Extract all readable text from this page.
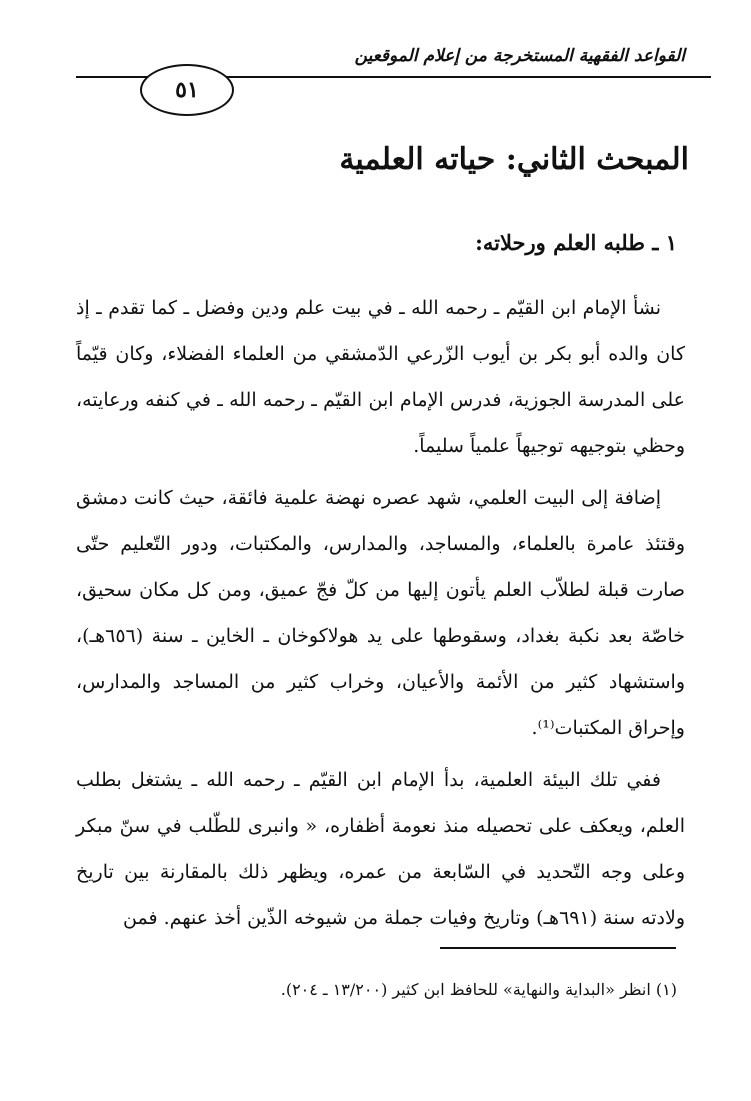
القواعد الفقهية المستخرجة من إعلام الموقعين
٥١
المبحث الثاني: حياته العلمية
١ ـ طلبه العلم ورحلاته:

نشأ الإمام ابن القيّم ـ رحمه الله ـ في بيت علم ودين وفضل ـ كما تقدم ـ إذ كان والده أبو بكر بن أيوب الزّرعي الدّمشقي من العلماء الفضلاء، وكان قيّماً على المدرسة الجوزية، فدرس الإمام ابن القيّم ـ رحمه الله ـ في كنفه ورعايته، وحظي بتوجيهه توجيهاً علمياً سليماً.

إضافة إلى البيت العلمي، شهد عصره نهضة علمية فائقة، حيث كانت دمشق وقتئذ عامرة بالعلماء، والمساجد، والمدارس، والمكتبات، ودور التّعليم حتّى صارت قبلة لطلاّب العلم يأتون إليها من كلّ فجّ عميق، ومن كل مكان سحيق، خاصّة بعد نكبة بغداد، وسقوطها على يد هولاكوخان ـ الخاين ـ سنة (٦٥٦هـ)، واستشهاد كثير من الأئمة والأعيان، وخراب كثير من المساجد والمدارس، وإحراق المكتبات⁽¹⁾.

ففي تلك البيئة العلمية، بدأ الإمام ابن القيّم ـ رحمه الله ـ يشتغل بطلب العلم، ويعكف على تحصيله منذ نعومة أظفاره، « وانبرى للطّلب في سنّ مبكر وعلى وجه التّحديد في السّابعة من عمره، ويظهر ذلك بالمقارنة بين تاريخ ولادته سنة (٦٩١هـ) وتاريخ وفيات جملة من شيوخه الذّين أخذ عنهم. فمن

(١) انظر «البداية والنهاية» للحافظ ابن كثير (١٣/٢٠٠ ـ ٢٠٤).
